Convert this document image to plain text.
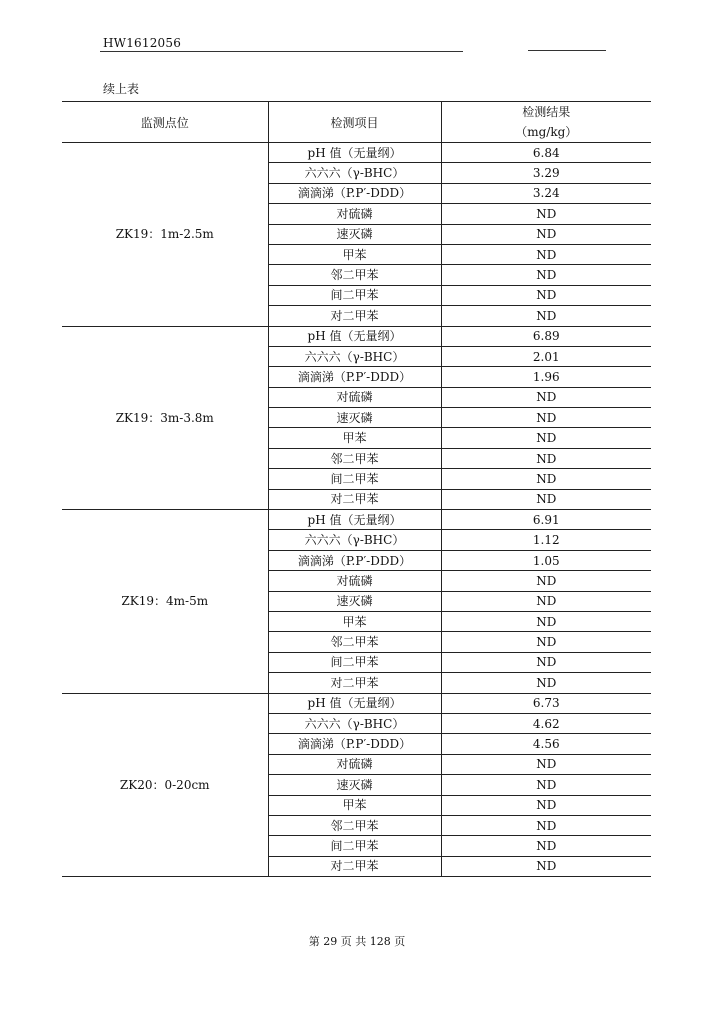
HW1612056
续上表
监测点位	检测项目	检测结果
（mg/kg）

ZK19：1m-2.5m	pH 值（无量纲）	6.84
	六六六（γ-BHC）	3.29
	滴滴涕（P.P′-DDD）	3.24
	对硫磷	ND
	速灭磷	ND
	甲苯	ND
	邻二甲苯	ND
	间二甲苯	ND
	对二甲苯	ND
ZK19：3m-3.8m	pH 值（无量纲）	6.89
	六六六（γ-BHC）	2.01
	滴滴涕（P.P′-DDD）	1.96
	对硫磷	ND
	速灭磷	ND
	甲苯	ND
	邻二甲苯	ND
	间二甲苯	ND
	对二甲苯	ND
ZK19：4m-5m	pH 值（无量纲）	6.91
	六六六（γ-BHC）	1.12
	滴滴涕（P.P′-DDD）	1.05
	对硫磷	ND
	速灭磷	ND
	甲苯	ND
	邻二甲苯	ND
	间二甲苯	ND
	对二甲苯	ND
ZK20：0-20cm	pH 值（无量纲）	6.73
	六六六（γ-BHC）	4.62
	滴滴涕（P.P′-DDD）	4.56
	对硫磷	ND
	速灭磷	ND
	甲苯	ND
	邻二甲苯	ND
	间二甲苯	ND
	对二甲苯	ND
第 29 页 共 128 页
